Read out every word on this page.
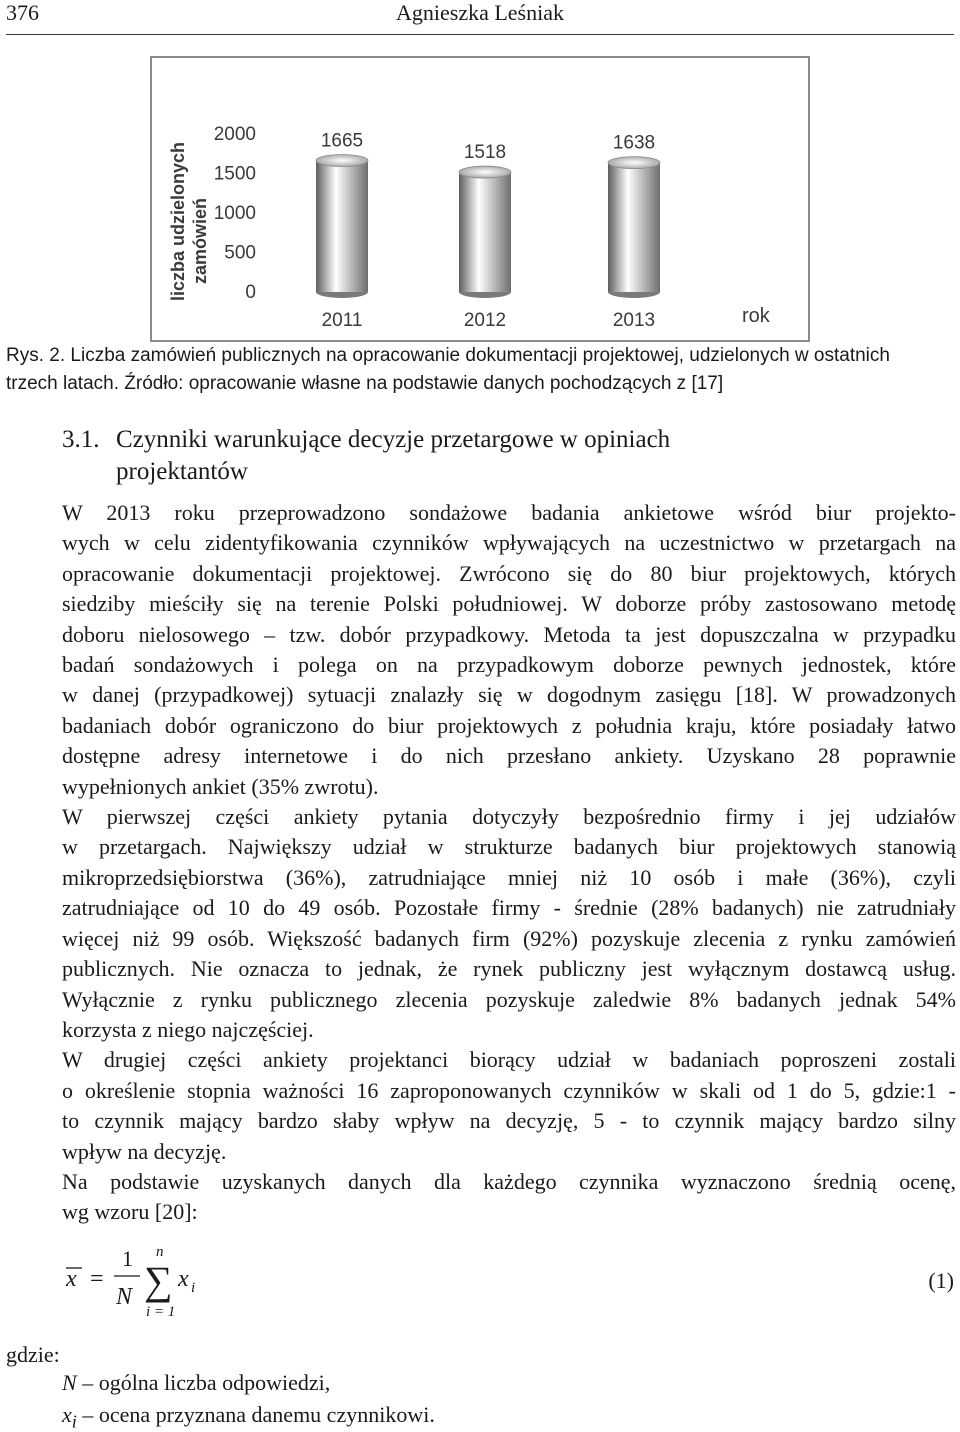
376	Agnieszka Leśniak
liczba udzielonych zamówień
0
500
1000
1500
2000	1665
1518	1638
2011	2012	2013	rok
Rys. 2. Liczba zamówień publicznych na opracowanie dokumentacji projektowej, udzielonych w ostatnich
trzech latach. Źródło: opracowanie własne na podstawie danych pochodzących z [17]
3.1. Czynniki warunkujące decyzje przetargowe w opiniach
projektantów

W 2013 roku przeprowadzono sondażowe badania ankietowe wśród biur projekto-
wych w celu zidentyfikowania czynników wpływających na uczestnictwo w przetargach na
opracowanie dokumentacji projektowej. Zwrócono się do 80 biur projektowych, których
siedziby mieściły się na terenie Polski południowej. W doborze próby zastosowano metodę
doboru nielosowego – tzw. dobór przypadkowy. Metoda ta jest dopuszczalna w przypadku
badań sondażowych i polega on na przypadkowym doborze pewnych jednostek, które
w danej (przypadkowej) sytuacji znalazły się w dogodnym zasięgu [18]. W prowadzonych
badaniach dobór ograniczono do biur projektowych z południa kraju, które posiadały łatwo
dostępne adresy internetowe i do nich przesłano ankiety. Uzyskano 28 poprawnie
wypełnionych ankiet (35% zwrotu).

W pierwszej części ankiety pytania dotyczyły bezpośrednio firmy i jej udziałów
w przetargach. Największy udział w strukturze badanych biur projektowych stanowią
mikroprzedsiębiorstwa (36%), zatrudniające mniej niż 10 osób i małe (36%), czyli
zatrudniające od 10 do 49 osób. Pozostałe firmy - średnie (28% badanych) nie zatrudniały
więcej niż 99 osób. Większość badanych firm (92%) pozyskuje zlecenia z rynku zamówień
publicznych. Nie oznacza to jednak, że rynek publiczny jest wyłącznym dostawcą usług.
Wyłącznie z rynku publicznego zlecenia pozyskuje zaledwie 8% badanych jednak 54%
korzysta z niego najczęściej.

W drugiej części ankiety projektanci biorący udział w badaniach poproszeni zostali
o określenie stopnia ważności 16 zaproponowanych czynników w skali od 1 do 5, gdzie:1 -
to czynnik mający bardzo słaby wpływ na decyzję, 5 - to czynnik mający bardzo silny
wpływ na decyzję.

Na podstawie uzyskanych danych dla każdego czynnika wyznaczono średnią ocenę,
wg wzoru [20]:

x =
1
N
n
∑
i = 1
x i	(1)
gdzie:
N – ogólna liczba odpowiedzi,
$x_i$ – ocena przyznana danemu czynnikowi.
